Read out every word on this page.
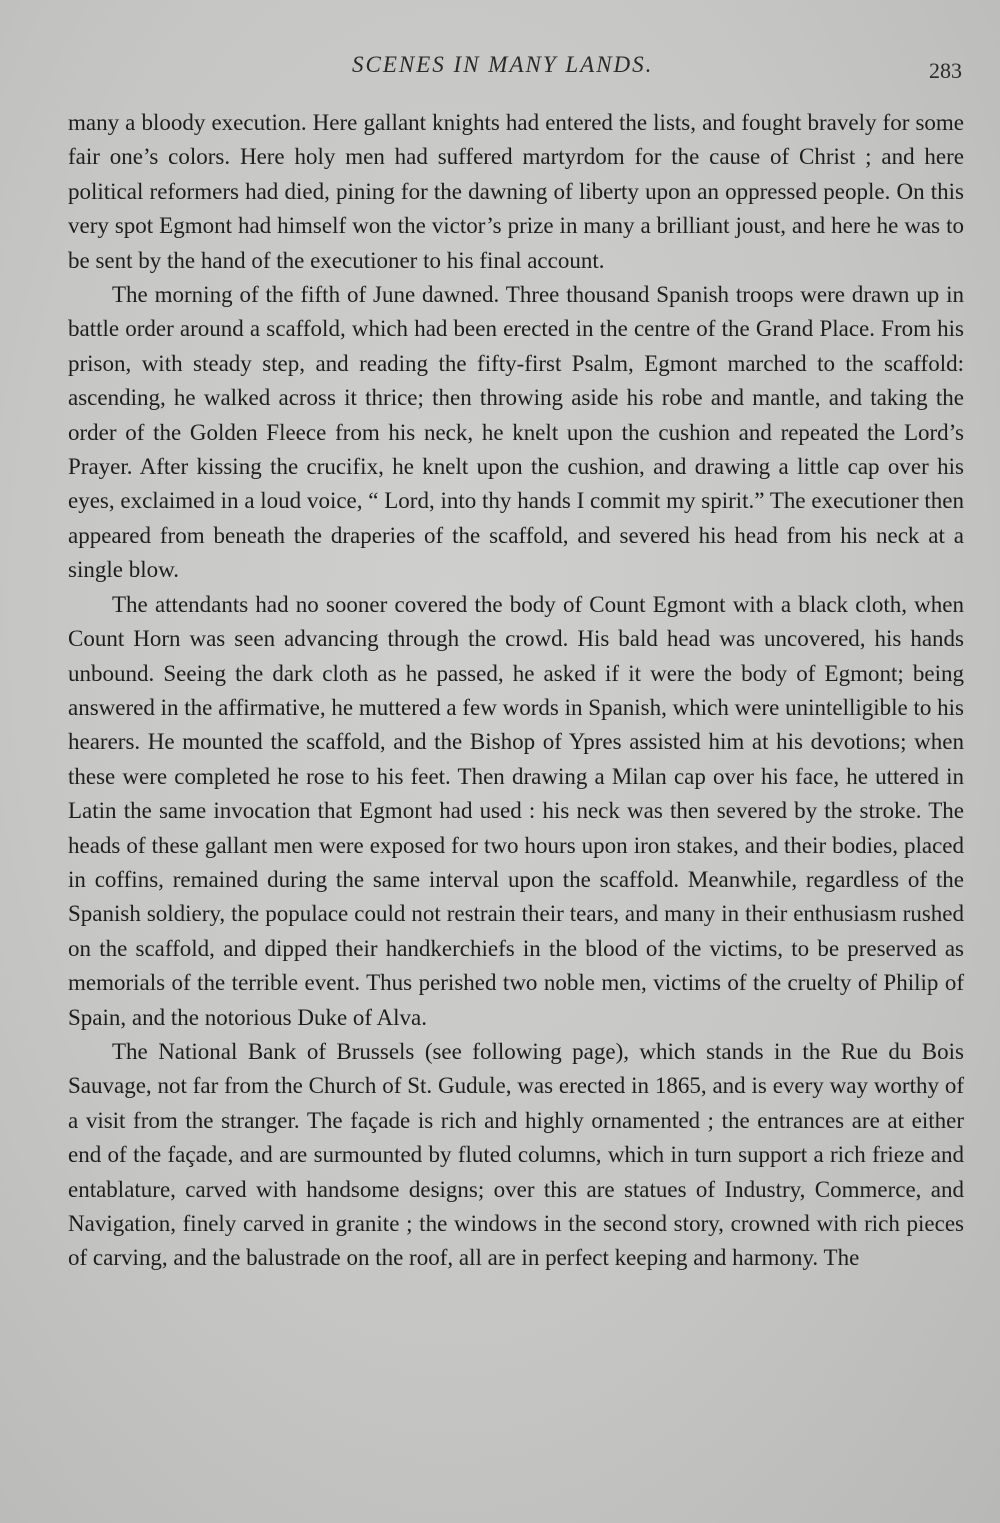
SCENES IN MANY LANDS.	283

many a bloody execution. Here gallant knights had entered the lists, and fought bravely for some fair one’s colors. Here holy men had suffered martyrdom for the cause of Christ ; and here political reformers had died, pining for the dawning of liberty upon an oppressed people. On this very spot Egmont had himself won the victor’s prize in many a brilliant joust, and here he was to be sent by the hand of the executioner to his final account.

The morning of the fifth of June dawned. Three thousand Spanish troops were drawn up in battle order around a scaffold, which had been erected in the centre of the Grand Place. From his prison, with steady step, and reading the fifty-first Psalm, Egmont marched to the scaffold: ascending, he walked across it thrice; then throwing aside his robe and mantle, and taking the order of the Golden Fleece from his neck, he knelt upon the cushion and repeated the Lord’s Prayer. After kissing the crucifix, he knelt upon the cushion, and drawing a little cap over his eyes, exclaimed in a loud voice, “ Lord, into thy hands I commit my spirit.” The executioner then appeared from beneath the draperies of the scaffold, and severed his head from his neck at a single blow.

The attendants had no sooner covered the body of Count Egmont with a black cloth, when Count Horn was seen advancing through the crowd. His bald head was uncovered, his hands unbound. Seeing the dark cloth as he passed, he asked if it were the body of Egmont; being answered in the affirmative, he muttered a few words in Spanish, which were unintelligible to his hearers. He mounted the scaffold, and the Bishop of Ypres assisted him at his devotions; when these were completed he rose to his feet. Then drawing a Milan cap over his face, he uttered in Latin the same invocation that Egmont had used : his neck was then severed by the stroke. The heads of these gallant men were exposed for two hours upon iron stakes, and their bodies, placed in coffins, remained during the same interval upon the scaffold. Meanwhile, regardless of the Spanish soldiery, the populace could not restrain their tears, and many in their enthusiasm rushed on the scaffold, and dipped their handkerchiefs in the blood of the victims, to be preserved as memorials of the terrible event. Thus perished two noble men, victims of the cruelty of Philip of Spain, and the notorious Duke of Alva.

The National Bank of Brussels (see following page), which stands in the Rue du Bois Sauvage, not far from the Church of St. Gudule, was erected in 1865, and is every way worthy of a visit from the stranger. The façade is rich and highly ornamented ; the entrances are at either end of the façade, and are surmounted by fluted columns, which in turn support a rich frieze and entablature, carved with handsome designs; over this are statues of Industry, Commerce, and Navigation, finely carved in granite ; the windows in the second story, crowned with rich pieces of carving, and the balustrade on the roof, all are in perfect keeping and harmony. The
